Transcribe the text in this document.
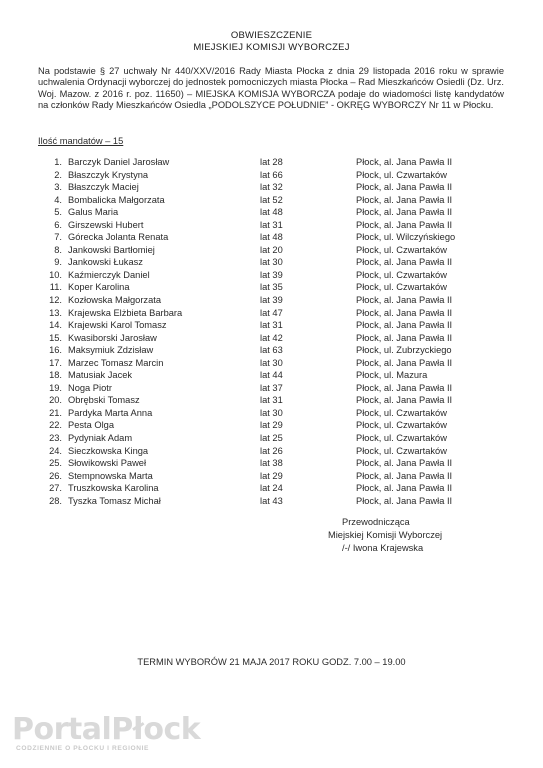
OBWIESZCZENIE
MIEJSKIEJ KOMISJI WYBORCZEJ
Na podstawie § 27 uchwały Nr 440/XXV/2016 Rady Miasta Płocka z dnia 29 listopada 2016 roku w sprawie uchwalenia Ordynacji wyborczej do jednostek pomocniczych miasta Płocka – Rad Mieszkańców Osiedli (Dz. Urz. Woj. Mazow. z 2016 r. poz. 11650) – MIEJSKA KOMISJA WYBORCZA podaje do wiadomości listę kandydatów na członków Rady Mieszkańców Osiedla „PODOLSZYCE POŁUDNIE” - OKRĘG WYBORCZY Nr 11 w Płocku.
Ilość mandatów – 15
1. Barczyk Daniel Jarosław	lat 28	Płock, al. Jana Pawła II
2. Błaszczyk Krystyna	lat 66	Płock, ul. Czwartaków
3. Błaszczyk Maciej	lat 32	Płock, al. Jana Pawła II
4. Bombalicka Małgorzata	lat 52	Płock, al. Jana Pawła II
5. Galus Maria	lat 48	Płock, al. Jana Pawła II
6. Girszewski Hubert	lat 31	Płock, al. Jana Pawła II
7. Górecka Jolanta Renata	lat 48	Płock, ul. Wilczyńskiego
8. Jankowski Bartłomiej	lat 20	Płock, ul. Czwartaków
9. Jankowski Łukasz	lat 30	Płock, al. Jana Pawła II
10. Kaźmierczyk Daniel	lat 39	Płock, ul. Czwartaków
11. Koper Karolina	lat 35	Płock, ul. Czwartaków
12. Kozłowska Małgorzata	lat 39	Płock, al. Jana Pawła II
13. Krajewska Elżbieta Barbara	lat 47	Płock, al. Jana Pawła II
14. Krajewski Karol Tomasz	lat 31	Płock, al. Jana Pawła II
15. Kwasiborski Jarosław	lat 42	Płock, al. Jana Pawła II
16. Maksymiuk Zdzisław	lat 63	Płock, ul. Zubrzyckiego
17. Marzec Tomasz Marcin	lat 30	Płock, al. Jana Pawła II
18. Matusiak Jacek	lat 44	Płock, ul. Mazura
19. Noga Piotr	lat 37	Płock, al. Jana Pawła II
20. Obrębski Tomasz	lat 31	Płock, al. Jana Pawła II
21. Pardyka Marta Anna	lat 30	Płock, ul. Czwartaków
22. Pesta Olga	lat 29	Płock, ul. Czwartaków
23. Pydyniak Adam	lat 25	Płock, ul. Czwartaków
24. Sieczkowska Kinga	lat 26	Płock, ul. Czwartaków
25. Słowikowski Paweł	lat 38	Płock, al. Jana Pawła II
26. Stempnowska Marta	lat 29	Płock, al. Jana Pawła II
27. Truszkowska Karolina	lat 24	Płock, al. Jana Pawła II
28. Tyszka Tomasz Michał	lat 43	Płock, al. Jana Pawła II
Przewodnicząca
Miejskiej Komisji Wyborczej
/-/ Iwona Krajewska
TERMIN WYBORÓW 21 MAJA 2017 ROKU GODZ. 7.00 – 19.00
PortalPłock
CODZIENNIE O PŁOCKU I REGIONIE
